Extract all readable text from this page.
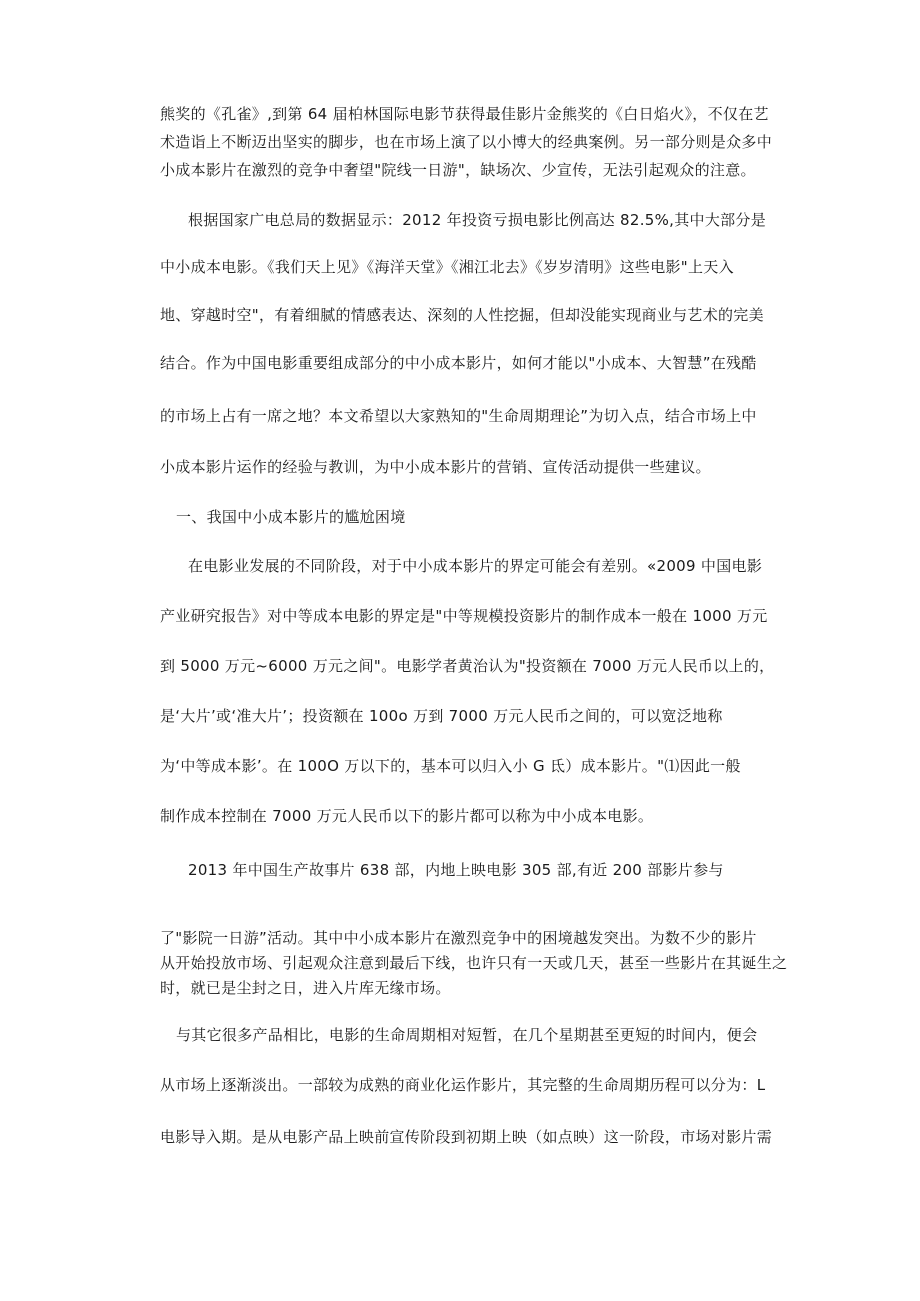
熊奖的《孔雀》,到第 64 届柏林国际电影节获得最佳影片金熊奖的《白日焰火》，不仅在艺
术造诣上不断迈出坚实的脚步，也在市场上演了以小博大的经典案例。另一部分则是众多中
小成本影片在激烈的竞争中奢望"院线一日游"，缺场次、少宣传，无法引起观众的注意。
根据国家广电总局的数据显示：2012 年投资亏损电影比例高达 82.5%,其中大部分是
中小成本电影。《我们天上见》《海洋天堂》《湘江北去》《岁岁清明》这些电影"上天入
地、穿越时空"，有着细腻的情感表达、深刻的人性挖掘，但却没能实现商业与艺术的完美
结合。作为中国电影重要组成部分的中小成本影片，如何才能以"小成本、大智慧”在残酷
的市场上占有一席之地？本文希望以大家熟知的"生命周期理论”为切入点，结合市场上中
小成本影片运作的经验与教训，为中小成本影片的营销、宣传活动提供一些建议。
一、我国中小成本影片的尴尬困境
在电影业发展的不同阶段，对于中小成本影片的界定可能会有差别。«2009 中国电影
产业研究报告》对中等成本电影的界定是"中等规模投资影片的制作成本一般在 1000 万元
到 5000 万元~6000 万元之间"。电影学者黄治认为"投资额在 7000 万元人民币以上的，
是‘大片’或‘准大片’；投资额在 100o 万到 7000 万元人民币之间的，可以宽泛地称
为‘中等成本影’。在 100O 万以下的，基本可以归入小 G 氐）成本影片。"⑴因此一般
制作成本控制在 7000 万元人民币以下的影片都可以称为中小成本电影。
2013 年中国生产故事片 638 部，内地上映电影 305 部,有近 200 部影片参与
了"影院一日游”活动。其中中小成本影片在激烈竞争中的困境越发突出。为数不少的影片
从开始投放市场、引起观众注意到最后下线，也许只有一天或几天，甚至一些影片在其诞生之
时，就已是尘封之日，进入片库无缘市场。
与其它很多产品相比，电影的生命周期相对短暂，在几个星期甚至更短的时间内，便会
从市场上逐渐淡出。一部较为成熟的商业化运作影片，其完整的生命周期历程可以分为：L
电影导入期。是从电影产品上映前宣传阶段到初期上映（如点映）这一阶段，市场对影片需
